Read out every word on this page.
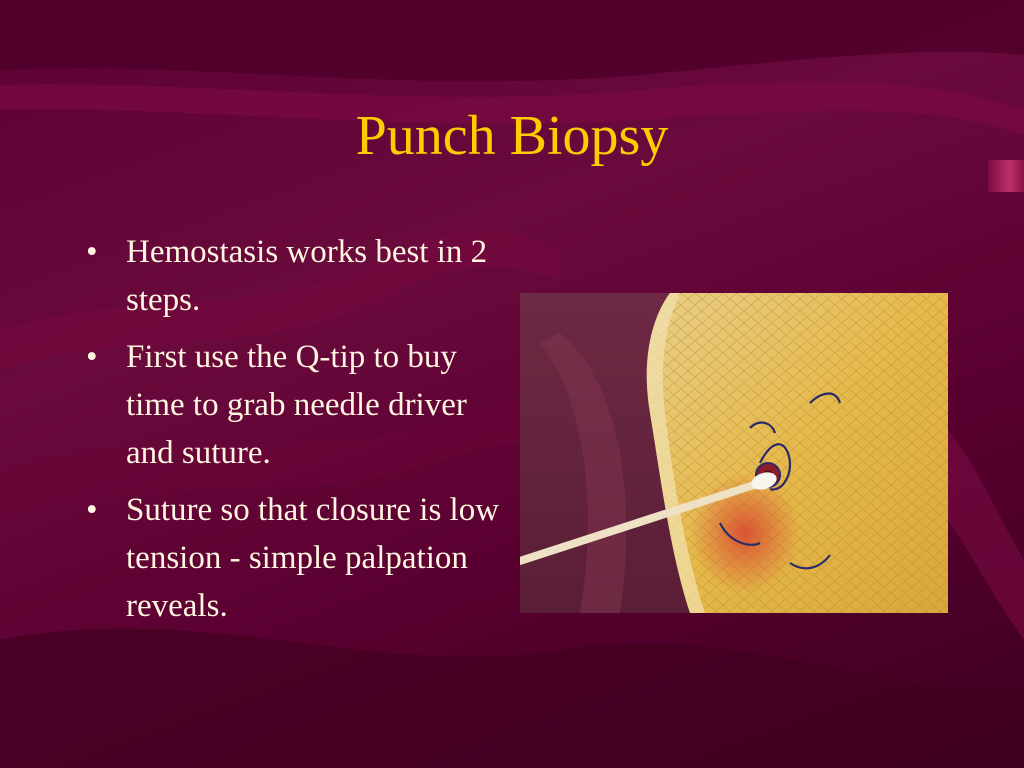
Punch Biopsy
• Hemostasis works best in 2 steps.
• First use the Q-tip to buy time to grab needle driver and suture.
• Suture so that closure is low tension - simple palpation reveals.
